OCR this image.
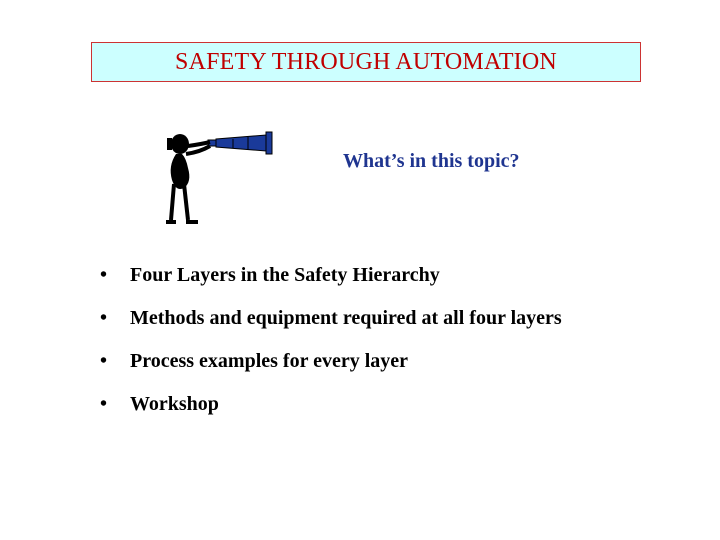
SAFETY THROUGH AUTOMATION
What’s in this topic?
• Four Layers in the Safety Hierarchy
• Methods and equipment required at all four layers
• Process examples for every layer
• Workshop
